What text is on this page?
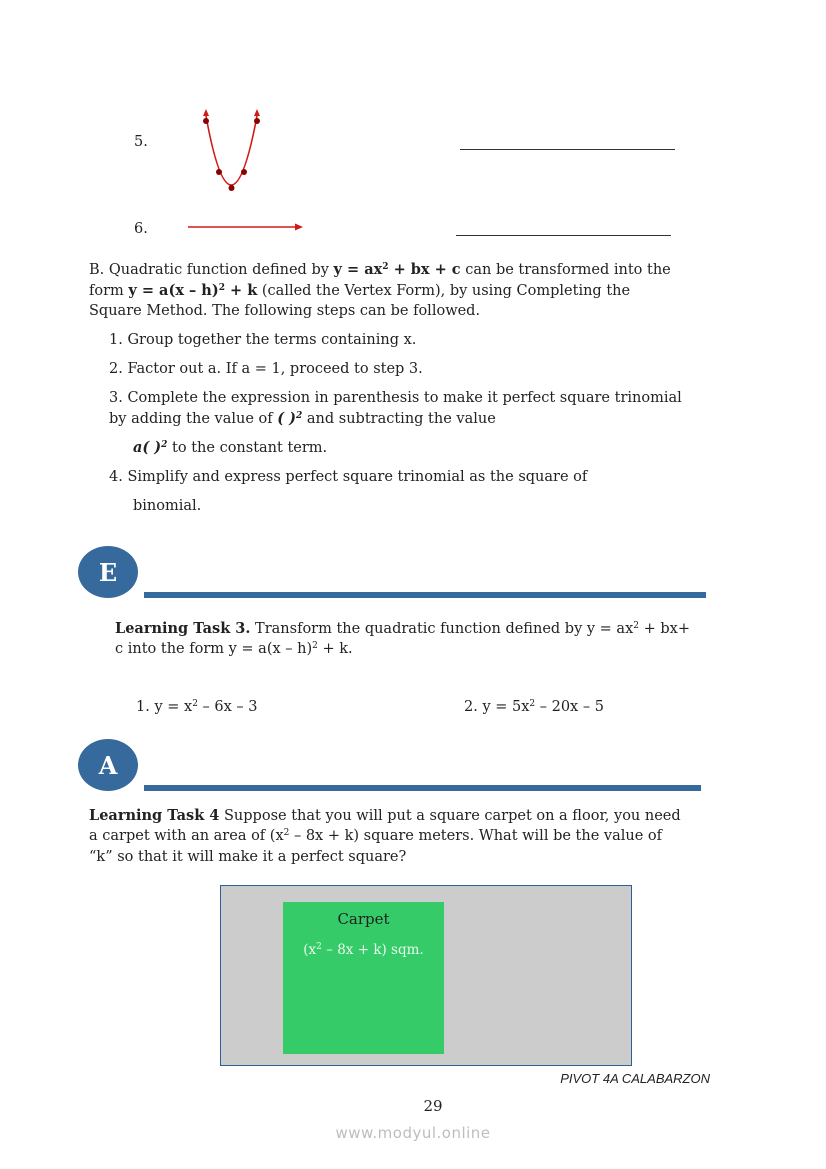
5.
6.
B. Quadratic function defined by $y = ax^2$ + bx + c can be transformed into the
form y = a(x – h)$^2$ + k (called the Vertex Form), by using Completing the
Square Method. The following steps can be followed.
1. Group together the terms containing x.
2. Factor out a. If a = 1, proceed to step 3.
3. Complete the expression in parenthesis to make it perfect square trinomial
by adding the value of ( )$^2$ and subtracting the value
a( )$^2$ to the constant term.
4. Simplify and express perfect square trinomial as the square of
binomial.
E
Learning Task 3. Transform the quadratic function defined by $y = ax^2 + bx+$
c into the form y = a(x – h)$^2$ + k.
1. $y = x^2 - 6x - 3$	2. $y = 5x^2 - 20x - 5$
A
Learning Task 4 Suppose that you will put a square carpet on a floor, you need
a carpet with an area of $(x^2 - 8x + k)$ square meters. What will be the value of
“k” so that it will make it a perfect square?
Carpet
$(x^2 - 8x + k)$ sqm.
PIVOT 4A CALABARZON
29
www.modyul.online
